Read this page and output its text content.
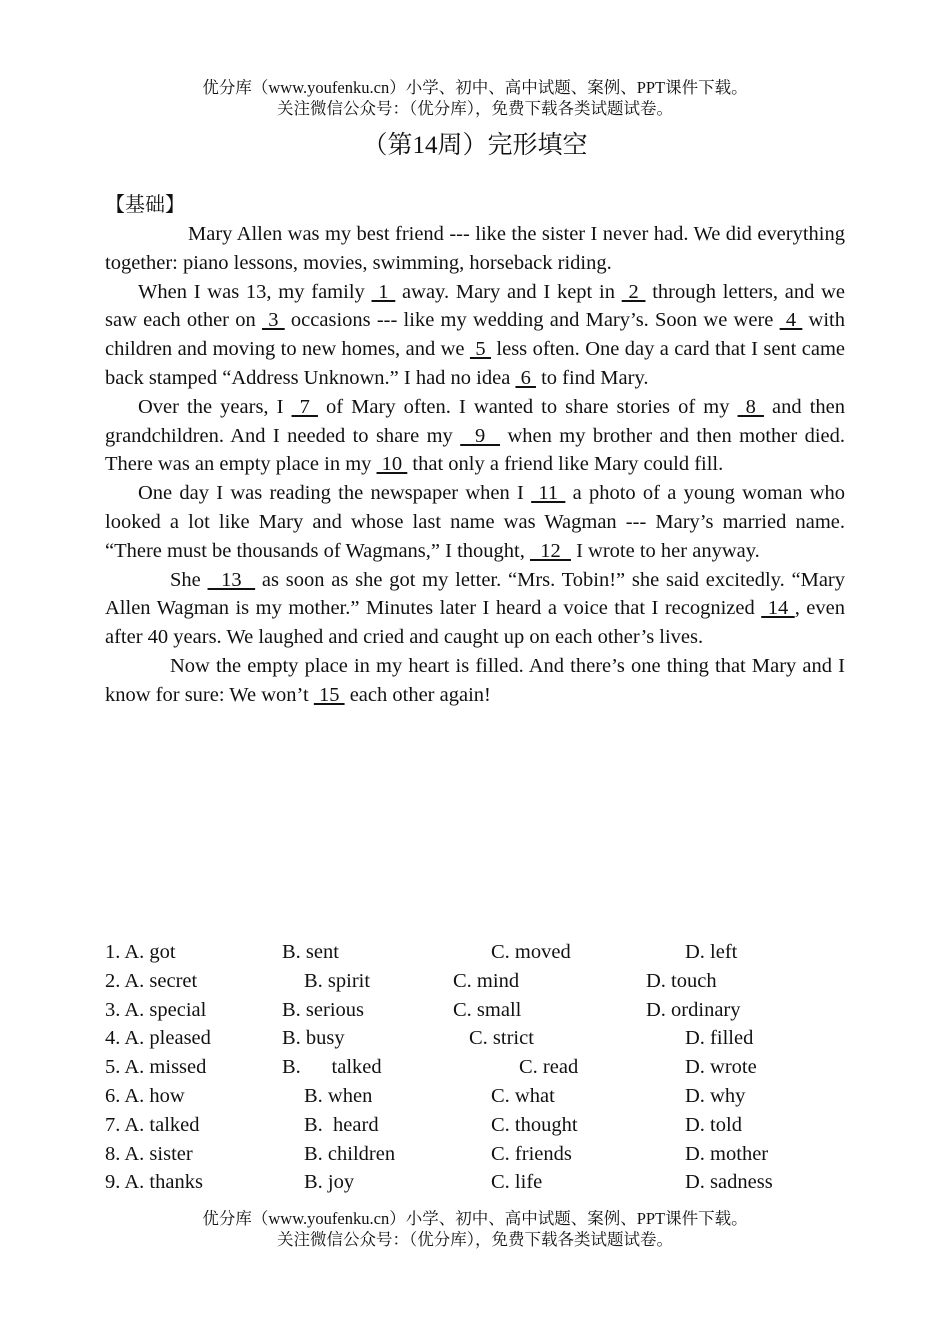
优分库（www.youfenku.cn）小学、初中、高中试题、案例、PPT课件下载。
关注微信公众号：（优分库），免费下载各类试题试卷。
（第14周）完形填空
【基础】

Mary Allen was my best friend --- like the sister I never had. We did everything together: piano lessons, movies, swimming, horseback riding.

When I was 13, my family  1  away. Mary and I kept in  2  through letters, and we saw each other on  3  occasions --- like my wedding and Mary’s. Soon we were  4  with children and moving to new homes, and we  5  less often. One day a card that I sent came back stamped “Address Unknown.” I had no idea  6  to find Mary.

Over the years, I  7  of Mary often. I wanted to share stories of my  8  and then grandchildren. And I needed to share my   9   when my brother and then mother died. There was an empty place in my  10  that only a friend like Mary could fill.

One day I was reading the newspaper when I  11  a photo of a young woman who looked a lot like Mary and whose last name was Wagman --- Mary’s married name. “There must be thousands of Wagmans,” I thought,   12   I wrote to her anyway.

She   13   as soon as she got my letter. “Mrs. Tobin!” she said excitedly. “Mary Allen Wagman is my mother.” Minutes later I heard a voice that I recognized  14 , even after 40 years. We laughed and cried and caught up on each other’s lives.

Now the empty place in my heart is filled. And there’s one thing that Mary and I know for sure: We won’t  15  each other again!

1. A. got	B. sent	C. moved	D. left
2. A. secret	B. spirit	C. mind	D. touch
3. A. special	B. serious	C. small	D. ordinary
4. A. pleased	B. busy	C. strict	D. filled
5. A. missed	B.      talked	C. read	D. wrote
6. A. how	B. when	C. what	D. why
7. A. talked	B.  heard	C. thought	D. told
8. A. sister	B. children	C. friends	D. mother
9. A. thanks	B. joy	C. life	D. sadness
优分库（www.youfenku.cn）小学、初中、高中试题、案例、PPT课件下载。
关注微信公众号：（优分库），免费下载各类试题试卷。
